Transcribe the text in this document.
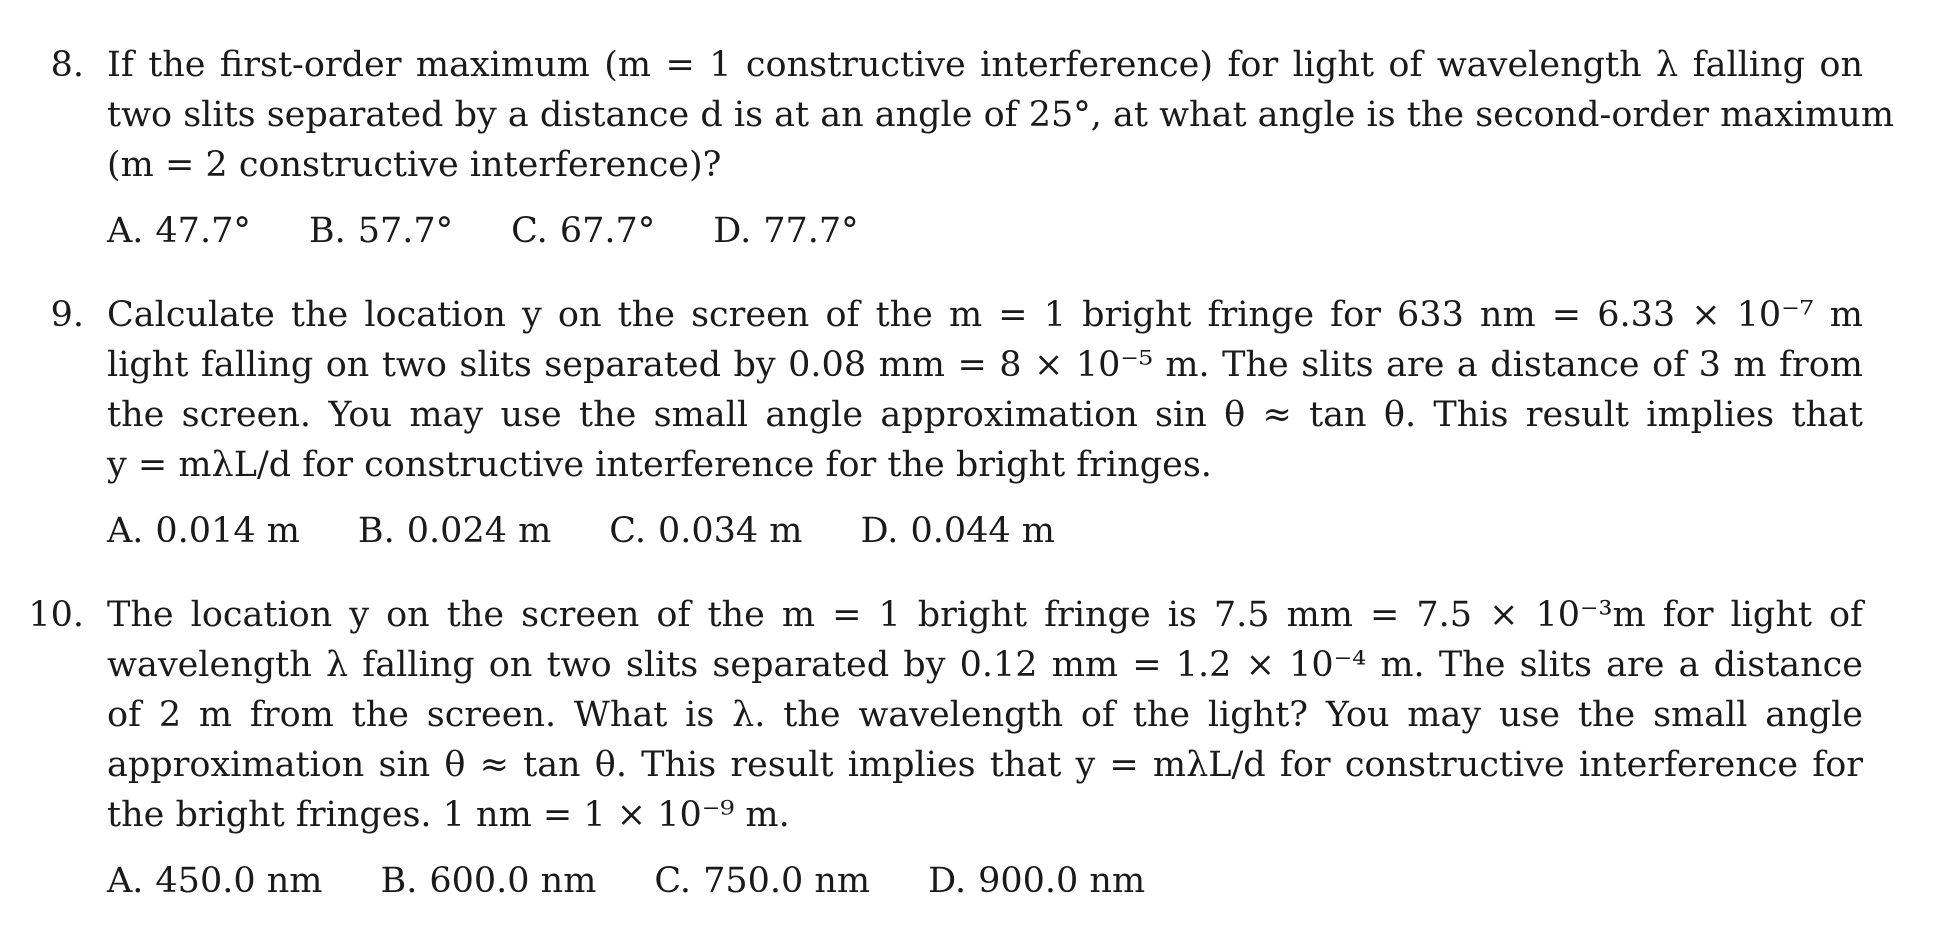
8. If the first-order maximum (m = 1 constructive interference) for light of wavelength λ falling on
two slits separated by a distance d is at an angle of 25°, at what angle is the second-order maximum
(m = 2 constructive interference)?
A. 47.7° B. 57.7° C. 67.7° D. 77.7°
9. Calculate the location y on the screen of the m = 1 bright fringe for 633 nm = 6.33 × 10⁻⁷ m
light falling on two slits separated by 0.08 mm = 8 × 10⁻⁵ m. The slits are a distance of 3 m from
the screen. You may use the small angle approximation sin θ ≈ tan θ. This result implies that
y = mλL/d for constructive interference for the bright fringes.
A. 0.014 m B. 0.024 m C. 0.034 m D. 0.044 m
10. The location y on the screen of the m = 1 bright fringe is 7.5 mm = 7.5 × 10⁻³m for light of
wavelength λ falling on two slits separated by 0.12 mm = 1.2 × 10⁻⁴ m. The slits are a distance
of 2 m from the screen. What is λ. the wavelength of the light? You may use the small angle
approximation sin θ ≈ tan θ. This result implies that y = mλL/d for constructive interference for
the bright fringes. 1 nm = 1 × 10⁻⁹ m.
A. 450.0 nm B. 600.0 nm C. 750.0 nm D. 900.0 nm
